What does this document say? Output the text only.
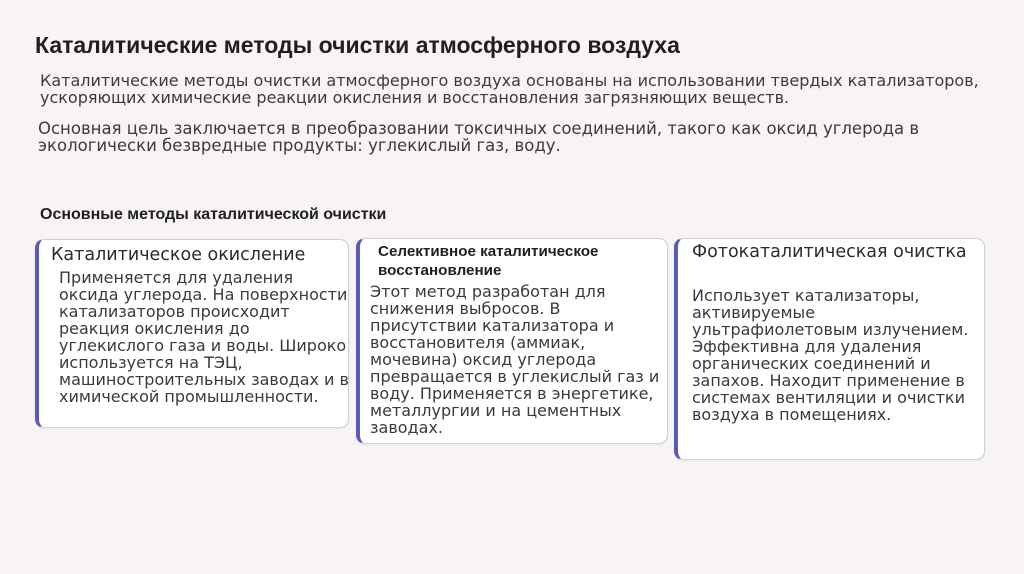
Каталитические методы очистки атмосферного воздуха
Каталитические методы очистки атмосферного воздуха основаны на использовании твердых катализаторов, ускоряющих химические реакции окисления и восстановления загрязняющих веществ.
Основная цель заключается в преобразовании токсичных соединений, такого как оксид углерода в экологически безвредные продукты: углекислый газ, воду.
Основные методы каталитической очистки
Каталитическое окисление
Применяется для удаления оксида углерода. На поверхности катализаторов происходит реакция окисления до углекислого газа и воды. Широко используется на ТЭЦ, машиностроительных заводах и в химической промышленности.
Селективное каталитическое восстановление
Этот метод разработан для снижения выбросов. В присутствии катализатора и восстановителя (аммиак, мочевина) оксид углерода превращается в углекислый газ и воду. Применяется в энергетике, металлургии и на цементных заводах.
Фотокаталитическая очистка
Использует катализаторы, активируемые ультрафиолетовым излучением. Эффективна для удаления органических соединений и запахов. Находит применение в системах вентиляции и очистки воздуха в помещениях.
